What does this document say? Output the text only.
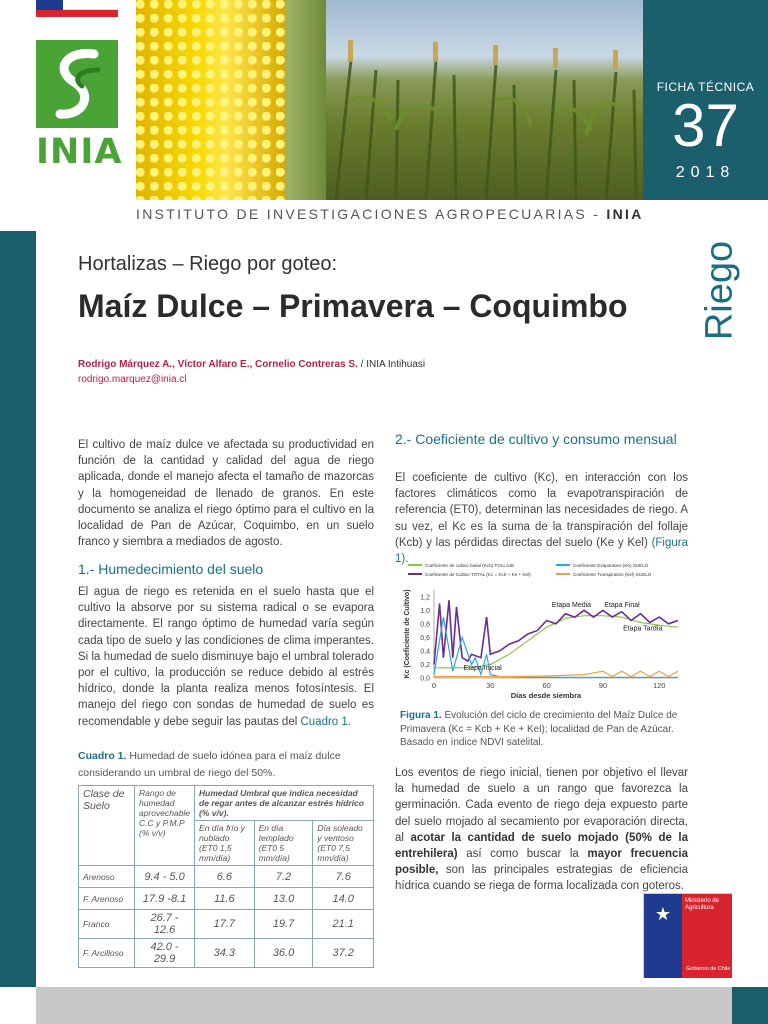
INIA
FICHA TÉCNICA
37
2018
INSTITUTO DE INVESTIGACIONES AGROPECUARIAS - INIA
Riego
Hortalizas – Riego por goteo:
Maíz Dulce – Primavera – Coquimbo
Rodrigo Márquez A., Víctor Alfaro E., Cornelio Contreras S. / INIA Intihuasi
rodrigo.marquez@inia.cl
El cultivo de maíz dulce ve afectada su productividad en función de la cantidad y calidad del agua de riego aplicada, donde el manejo afecta el tamaño de mazorcas y la homogeneidad de llenado de granos. En este documento se analiza el riego óptimo para el cultivo en la localidad de Pan de Azúcar, Coquimbo, en un suelo franco y siembra a mediados de agosto.
1.- Humedecimiento del suelo
El agua de riego es retenida en el suelo hasta que el cultivo la absorve por su sistema radical o se evapora directamente. El rango óptimo de humedad varía según cada tipo de suelo y las condiciones de clima imperantes. Si la humedad de suelo disminuye bajo el umbral tolerado por el cultivo, la producción se reduce debido al estrés hídrico, donde la planta realiza menos fotosíntesis. El manejo del riego con sondas de humedad de suelo es recomendable y debe seguir las pautas del Cuadro 1.
Cuadro 1. Humedad de suelo idónea para el maíz dulce considerando un umbral de riego del 50%.
Clase de Suelo	Rango de humedad aprovechable C.C y P.M.P (% v/v)	Humedad Umbral que indica necesidad de regar antes de alcanzar estrés hídrico (% v/v).		
		En día frío y nublado (ET0 1,5 mm/día)	En día templado (ET0 5 mm/día)	Día soleado y ventoso (ET0 7,5 mm/día)
Arenoso	9.4 - 5.0	6.6	7.2	7.6
F. Arenoso	17.9 -8.1	11.6	13.0	14.0
Franco	26.7 - 12.6	17.7	19.7	21.1
F. Arcilloso	42.0 - 29.9	34.3	36.0	37.2
2.- Coeficiente de cultivo y consumo mensual
El coeficiente de cultivo (Kc), en interacción con los factores climáticos como la evapotranspiración de referencia (ET0), determinan las necesidades de riego. A su vez, el Kc es la suma de la transpiración del follaje (Kcb) y las pérdidas directas del suelo (Ke y Kel) (Figura 1).
0,0
0,2
0,4
0,6
0,8
1,0
1,2
0	30	60	90	120
Días desde siembra
Kc (Coeficiente de Cultivo)
Coeficiente de cultivo basal (Kcb) FOLLAJE
Coeficiente de Cultivo TOTAL (Kc = Kcb + Ke + Kel)
Coeficiente Evaporativo (Ke) SUELO
Coeficiente Transpirativo (Kel) SUELO
Etapa Inicial
Etapa Media Etapa Final
Etapa Tardía
Figura 1. Evolución del ciclo de crecimiento del Maíz Dulce de Primavera (Kc = Kcb + Ke + Kel); localidad de Pan de Azúcar. Basado en índice NDVI satelital.
Los eventos de riego inicial, tienen por objetivo el llevar la humedad de suelo a un rango que favorezca la germinación. Cada evento de riego deja expuesto parte del suelo mojado al secamiento por evaporación directa, al acotar la cantidad de suelo mojado (50% de la entrehilera) así como buscar la mayor frecuencia posible, son las principales estrategias de eficiencia hídrica cuando se riega de forma localizada con goteros.
★
Ministerio de Agricultura
Gobierno de Chile
